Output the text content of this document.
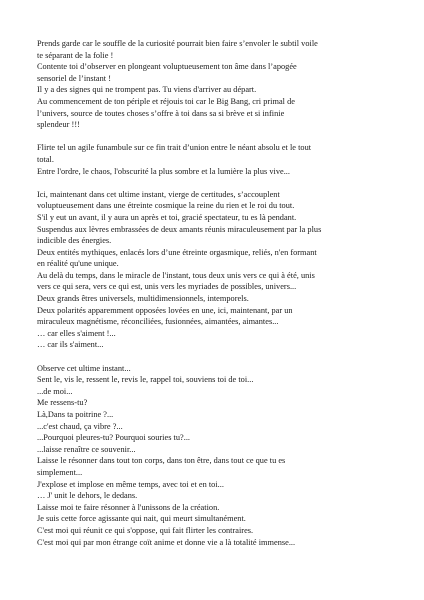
Prends garde car le souffle de la curiosité pourrait bien faire s’envoler le subtil voile
te séparant de la folie !
Contente toi d’observer en plongeant voluptueusement ton âme dans l’apogée
sensoriel de l’instant !
Il y a des signes qui ne trompent pas. Tu viens d'arriver au départ.
Au commencement de ton périple et réjouis toi car le Big Bang, cri primal de
l’univers, source de toutes choses s’offre à toi dans sa si brève et si infinie
splendeur !!!
Flirte tel un agile funambule sur ce fin trait d’union entre le néant absolu et le tout
total.
Entre l'ordre, le chaos, l'obscurité la plus sombre et la lumière la plus vive...
Ici, maintenant dans cet ultime instant, vierge de certitudes, s’accouplent
voluptueusement dans une étreinte cosmique la reine du rien et le roi du tout.
S'il y eut un avant, il y aura un après et toi, gracié spectateur, tu es là pendant.
Suspendus aux lèvres embrassées de deux amants réunis miraculeusement par la plus
indicible des énergies.
Deux entités mythiques, enlacés lors d’une étreinte orgasmique, reliés, n'en formant
en réalité qu'une unique.
Au delà du temps, dans le miracle de l'instant, tous deux unis vers ce qui à été, unis
vers ce qui sera, vers ce qui est, unis vers les myriades de possibles, univers...
Deux grands êtres universels, multidimensionnels, intemporels.
Deux polarités apparemment opposées lovées en une, ici, maintenant, par un
miraculeux magnétisme, réconciliées, fusionnées, aimantées, aimantes...
… car elles s'aiment !...
… car ils s'aiment...
Observe cet ultime instant...
Sent le, vis le, ressent le, revis le, rappel toi, souviens toi de toi...
...de moi...
Me ressens-tu?
Là,Dans ta poitrine ?...
...c'est chaud, ça vibre ?...
...Pourquoi pleures-tu? Pourquoi souries tu?...
...laisse renaître ce souvenir...
Laisse le résonner dans tout ton corps, dans ton être, dans tout ce que tu es
simplement...
J'explose et implose en même temps, avec toi et en toi...
… J' unit le dehors, le dedans.
Laisse moi te faire résonner à l'unissons de la création.
Je suis cette force agissante qui nait, qui meurt simultanément.
C'est moi qui réunit ce qui s'oppose, qui fait flirter les contraires.
C'est moi qui par mon étrange coït anime et donne vie a là totalité immense...
